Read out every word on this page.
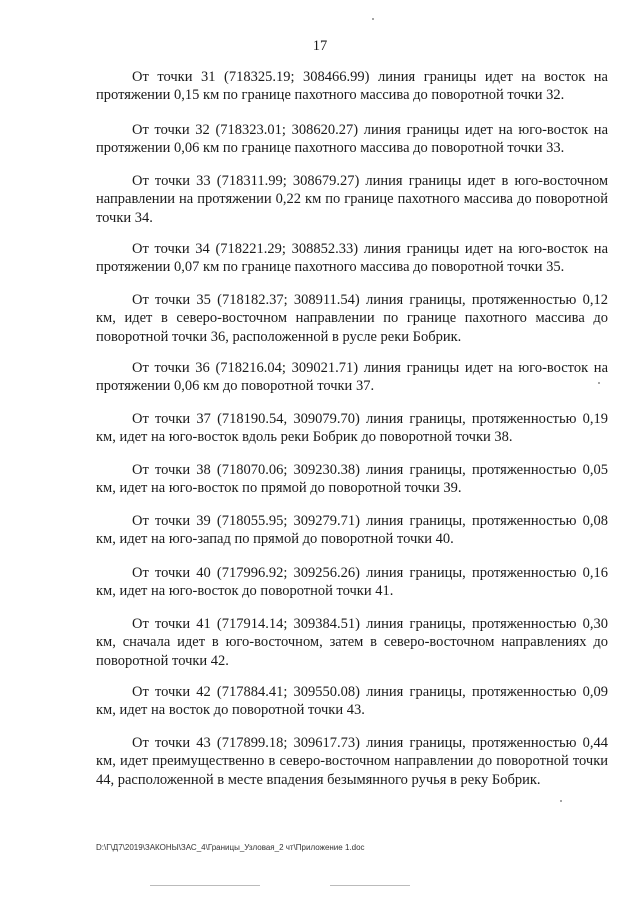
17

От точки 31 (718325.19; 308466.99) линия границы идет на восток на протяжении 0,15 км по границе пахотного массива до поворотной точки 32.

От точки 32 (718323.01; 308620.27) линия границы идет на юго-восток на протяжении 0,06 км по границе пахотного массива до поворотной точки 33.

От точки 33 (718311.99; 308679.27) линия границы идет в юго-восточном направлении на протяжении 0,22 км по границе пахотного массива до поворотной точки 34.

От точки 34 (718221.29; 308852.33) линия границы идет на юго-восток на протяжении 0,07 км по границе пахотного массива до поворотной точки 35.

От точки 35 (718182.37; 308911.54) линия границы, протяженностью 0,12 км, идет в северо-восточном направлении по границе пахотного массива до поворотной точки 36, расположенной в русле реки Бобрик.

От точки 36 (718216.04; 309021.71) линия границы идет на юго-восток на протяжении 0,06 км до поворотной точки 37.

От точки 37 (718190.54, 309079.70) линия границы, протяженностью 0,19 км, идет на юго-восток вдоль реки Бобрик до поворотной точки 38.

От точки 38 (718070.06; 309230.38) линия границы, протяженностью 0,05 км, идет на юго-восток по прямой до поворотной точки 39.

От точки 39 (718055.95; 309279.71) линия границы, протяженностью 0,08 км, идет на юго-запад по прямой до поворотной точки 40.

От точки 40 (717996.92; 309256.26) линия границы, протяженностью 0,16 км, идет на юго-восток до поворотной точки 41.

От точки 41 (717914.14; 309384.51) линия границы, протяженностью 0,30 км, сначала идет в юго-восточном, затем в северо-восточном направлениях до поворотной точки 42.

От точки 42 (717884.41; 309550.08) линия границы, протяженностью 0,09 км, идет на восток до поворотной точки 43.

От точки 43 (717899.18; 309617.73) линия границы, протяженностью 0,44 км, идет преимущественно в северо-восточном направлении до поворотной точки 44, расположенной в месте впадения безымянного ручья в реку Бобрик.

D:\Г\Д7\2019\ЗАКОНЫ\ЗАС_4\Границы_Узловая_2 чт\Приложение 1.doc
